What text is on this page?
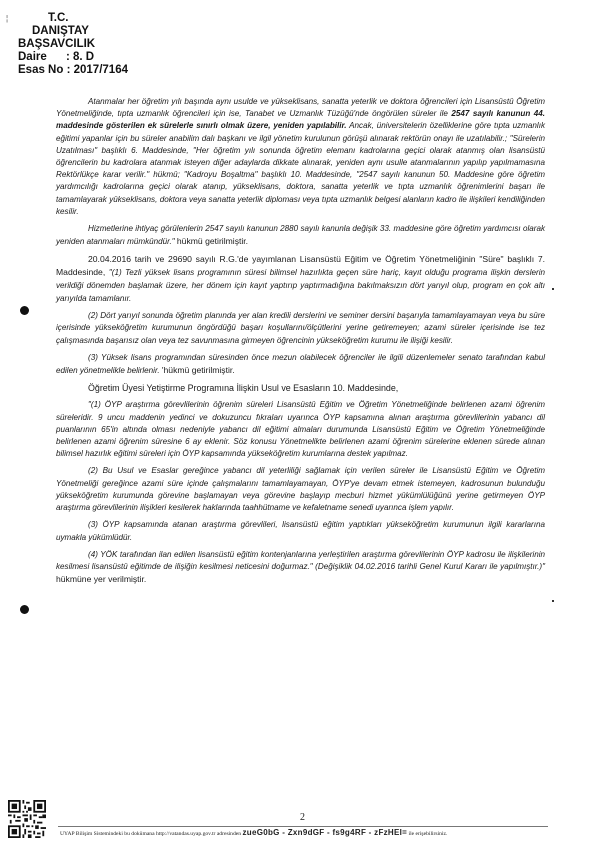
¦	T.C.
DANIŞTAY
BAŞSAVCILIK
Daire : 8. D
Esas No : 2017/7164

Atanmalar her öğretim yılı başında aynı usulde ve yükseklisans, sanatta yeterlik ve doktora öğrencileri için Lisansüstü Öğretim Yönetmeliğinde, tıpta uzmanlık öğrencileri için ise, Tanabet ve Uzmanlık Tüzüğü'nde öngörülen süreler ile 2547 sayılı kanunun 44. maddesinde gösterilen ek sürelerle sınırlı olmak üzere, yeniden yapılabilir. Ancak, üniversitelerin özelliklerine göre tıpta uzmanlık eğitimi yapanlar için bu süreler anabilim dalı başkanı ve ilgil yönetim kurulunun görüşü alınarak rektörün onayı ile uzatılabilir.; "Sürelerin Uzatılması" başlıklı 6. Maddesinde, "Her öğretim yılı sonunda öğretim elemanı kadrolarına geçici olarak atanmış olan lisansüstü öğrencilerin bu kadrolara atanmak isteyen diğer adaylarda dikkate alınarak, yeniden aynı usulle atanmalarının yapılıp yapılmamasına Rektörlükçe karar verilir." hükmü; "Kadroyu Boşaltma" başlıklı 10. Maddesinde, "2547 sayılı kanunun 50. Maddesine göre öğretim yardımcılığı kadrolarına geçici olarak atanıp, yükseklisans, doktora, sanatta yeterlik ve tıpta uzmanlık öğrenimlerini başarı ile tamamlayarak yükseklisans, doktora veya sanatta yeterlik diploması veya tıpta uzmanlık belgesi alanların kadro ile ilişkileri kendiliğinden kesilir.

Hizmetlerine ihtiyaç görülenlerin 2547 sayılı kanunun 2880 sayılı kanunla değişik 33. maddesine göre öğretim yardımcısı olarak yeniden atanmaları mümkündür." hükmü getirilmiştir.

20.04.2016 tarih ve 29690 sayılı R.G.'de yayımlanan Lisansüstü Eğitim ve Öğretim Yönetmeliğinin "Süre" başlıklı 7. Maddesinde, "(1) Tezli yüksek lisans programının süresi bilimsel hazırlıkta geçen süre hariç, kayıt olduğu programa ilişkin derslerin verildiği dönemden başlamak üzere, her dönem için kayıt yaptırıp yaptırmadığına bakılmaksızın dört yarıyıl olup, program en çok altı yarıyılda tamamlanır.

(2) Dört yarıyıl sonunda öğretim planında yer alan kredili derslerini ve seminer dersini başarıyla tamamlayamayan veya bu süre içerisinde yükseköğretim kurumunun öngördüğü başarı koşullarını/ölçütlerini yerine getiremeyen; azami süreler içerisinde ise tez çalışmasında başarısız olan veya tez savunmasına girmeyen öğrencinin yükseköğretim kurumu ile ilişiği kesilir.

(3) Yüksek lisans programından süresinden önce mezun olabilecek öğrenciler ile ilgili düzenlemeler senato tarafından kabul edilen yönetmelikle belirlenir. 'hükmü getirilmiştir.

Öğretim Üyesi Yetiştirme Programına İlişkin Usul ve Esasların 10. Maddesinde,

"(1) ÖYP araştırma görevlilerinin öğrenim süreleri Lisansüstü Eğitim ve Öğretim Yönetmeliğinde belirlenen azami öğrenim süreleridir. 9 uncu maddenin yedinci ve dokuzuncu fıkraları uyarınca ÖYP kapsamına alınan araştırma görevlilerinin yabancı dil puanlarının 65'in altında olması nedeniyle yabancı dil eğitimi almaları durumunda Lisansüstü Eğitim ve Öğretim Yönetmeliğinde belirlenen azami öğrenim süresine 6 ay eklenir. Söz konusu Yönetmelikte belirlenen azami öğrenim sürelerine eklenen sürede alınan bilimsel hazırlık eğitimi süreleri için ÖYP kapsamında yükseköğretim kurumlarına destek yapılmaz.

(2) Bu Usul ve Esaslar gereğince yabancı dil yeterliliği sağlamak için verilen süreler ile Lisansüstü Eğitim ve Öğretim Yönetmeliği gereğince azami süre içinde çalışmalarını tamamlayamayan, ÖYP'ye devam etmek istemeyen, kadrosunun bulunduğu yükseköğretim kurumunda görevine başlamayan veya görevine başlayıp mecburi hizmet yükümlülüğünü yerine getirmeyen ÖYP araştırma görevlilerinin ilişikleri kesilerek haklarında taahhütname ve kefaletname senedi uyarınca işlem yapılır.

(3) ÖYP kapsamında atanan araştırma görevlileri, lisansüstü eğitim yaptıkları yükseköğretim kurumunun ilgili kararlarına uymakla yükümlüdür.

(4) YÖK tarafından ilan edilen lisansüstü eğitim kontenjanlarına yerleştirilen araştırma görevlilerinin ÖYP kadrosu ile ilişkilerinin kesilmesi lisansüstü eğitimde de ilişiğin kesilmesi neticesini doğurmaz." (Değişiklik 04.02.2016 tarihli Genel Kurul Kararı ile yapılmıştır.)" hükmüne yer verilmiştir.

2
UYAP Bilişim Sistemindeki bu dokümana http://vatandas.uyap.gov.tr adresinden zueG0bG - Zxn9dGF - fs9g4RF - zFzHEI= ile erişebilirsiniz.
